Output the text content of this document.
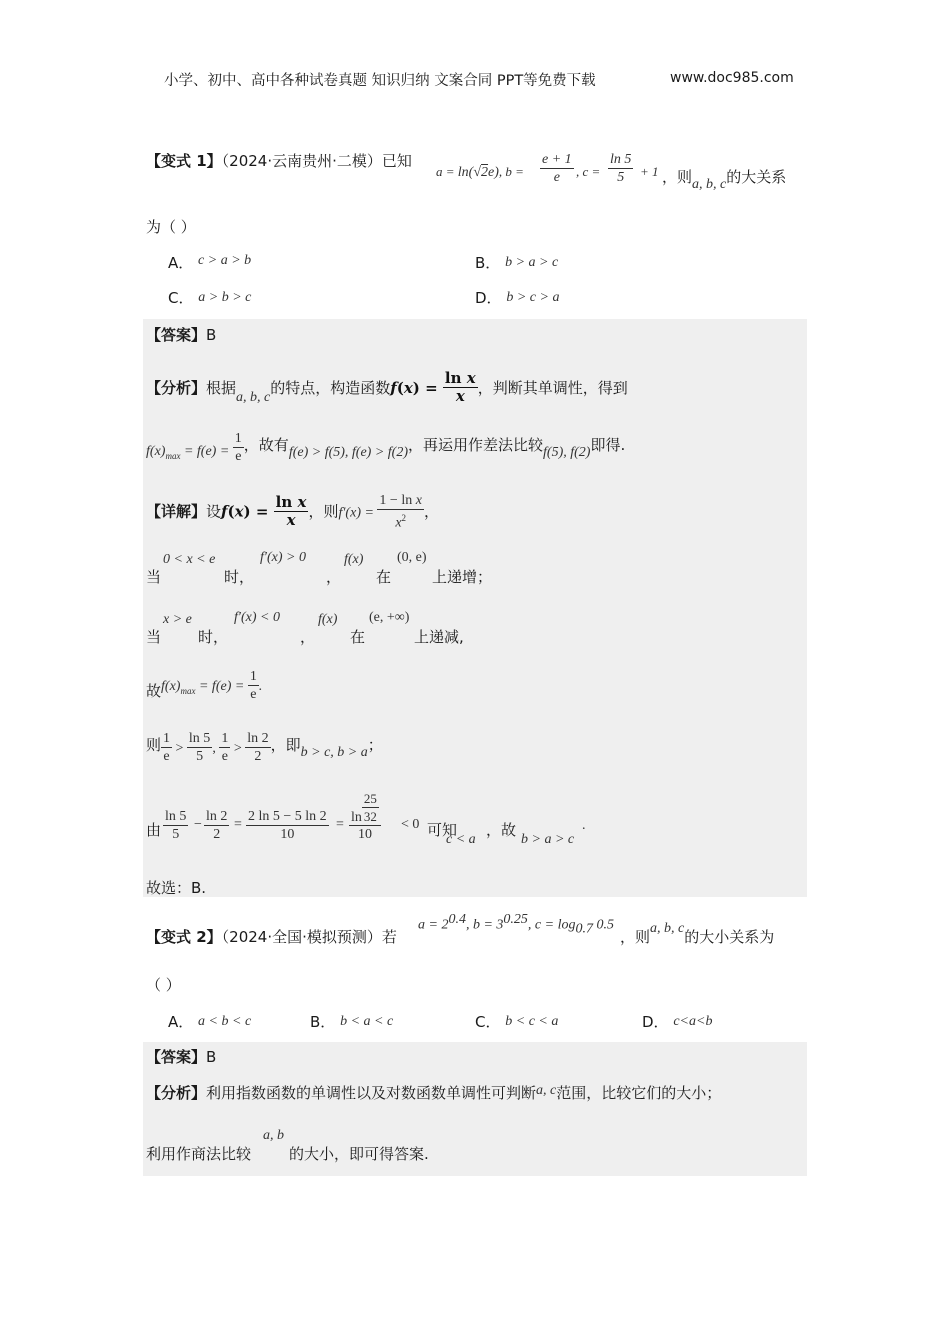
小学、初中、高中各种试卷真题 知识归纳 文案合同 PPT等免费下载	www.doc985.com
【变式 1】（2024·云南贵州·二模）已知
a = ln(√2e), $b = \frac{e + 1}{e}$ , $c = \frac{\ln 5}{5} + 1$ ，则a, b, c的大关系
为（ ）
A． c > a > b	B． b > a > c
C． a > b > c	D． b > c > a
【答案】B
【分析】根据a, b, c的特点，构造函数$f(x) = \frac{\text{ln x}}{x}$ ，判断其单调性，得到
$f(x)_{max} = f(e) = \frac{1}{e}$ ，故有f(e) > f(5), f(e) > f(2)，再运用作差法比较f(5), f(2)即得.
【详解】设$f(x) = \frac{\text{ln x}}{x}$ ，则$f'(x) = \frac{\text{1 − ln x}}{x^2}$ ，
当
0 < x < e
时，
f′(x) > 0
，
f(x)
在
(0, e)
上递增；
当
x > e
时，
f′(x) < 0
，
f(x)
在
(e, +∞)
上递减,
故$f(x)_{max} = f(e) = \frac{1}{e}$ .
则 $\frac{1}{e} > \frac{\ln 5}{5}$ , $\frac{1}{e} > \frac{\ln 2}{2}$ ，即b > c, b > a；
由 $\frac{\ln 5}{5} - \frac{\ln 2}{2} = \frac{2 \ln 5 - 5 \ln 2}{10} = \frac{\ln \frac{25}{32}}{10} < 0$ 可知
c < a
，故
b > a > c
.
故选：B.
【变式 2】（2024·全国·模拟预测）若
$a = 2^{0.4}$, $b = 3^{0.25}$, $c = \log_{0.7} 0.5$
，则a, b, c的大小关系为
（ ）
A． a < b < c	B． b < a < c	C． b < c < a	D． c<a<b
【答案】B
【分析】利用指数函数的单调性以及对数函数单调性可判断a, c范围，比较它们的大小；
利用作商法比较
a, b
的大小，即可得答案.
